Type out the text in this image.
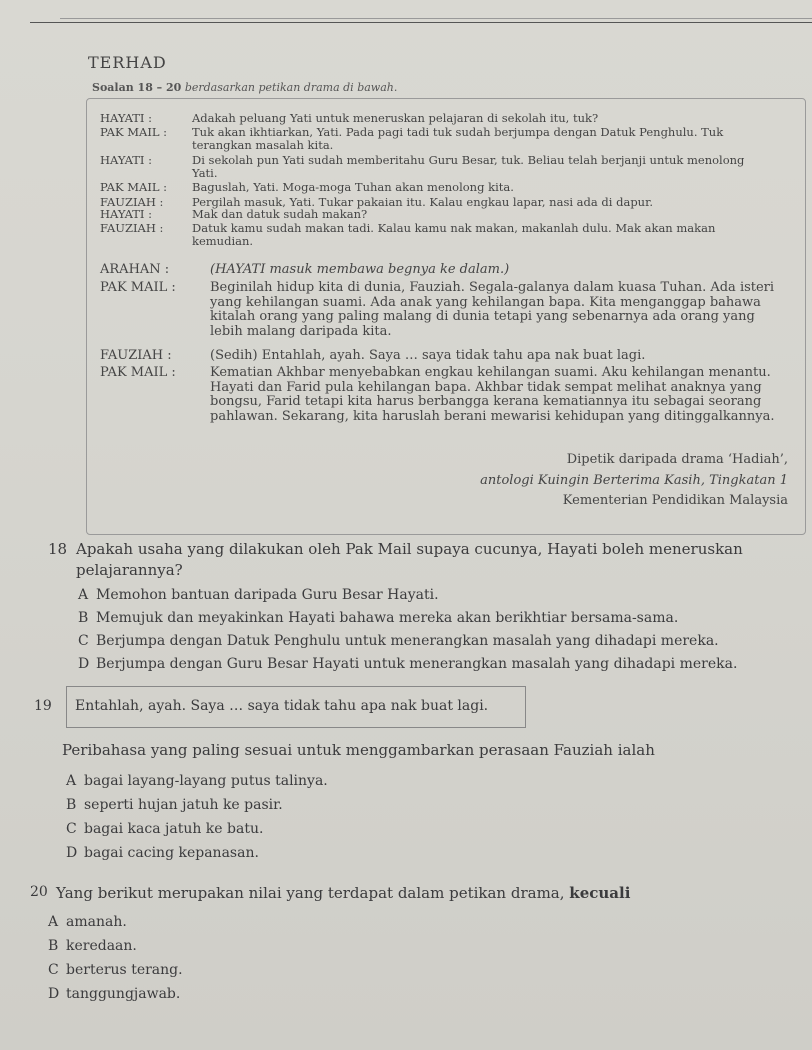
TERHAD
Soalan 18 – 20 berdasarkan petikan drama di bawah.
HAYATI :	Adakah peluang Yati untuk meneruskan pelajaran di sekolah itu, tuk?
PAK MAIL : Tuk akan ikhtiarkan, Yati. Pada pagi tadi tuk sudah berjumpa dengan Datuk Penghulu. Tuk terangkan masalah kita.
HAYATI :	Di sekolah pun Yati sudah memberitahu Guru Besar, tuk. Beliau telah berjanji untuk menolong Yati.
PAK MAIL : Baguslah, Yati. Moga-moga Tuhan akan menolong kita.
FAUZIAH : Pergilah masuk, Yati. Tukar pakaian itu. Kalau engkau lapar, nasi ada di dapur.
HAYATI :	Mak dan datuk sudah makan?
FAUZIAH : Datuk kamu sudah makan tadi. Kalau kamu nak makan, makanlah dulu. Mak akan makan kemudian.
ARAHAN :	(HAYATI masuk membawa begnya ke dalam.)
PAK MAIL :	Beginilah hidup kita di dunia, Fauziah. Segala-galanya dalam kuasa Tuhan. Ada isteri yang kehilangan suami. Ada anak yang kehilangan bapa. Kita menganggap bahawa kitalah orang yang paling malang di dunia tetapi yang sebenarnya ada orang yang lebih malang daripada kita.
FAUZIAH :	(Sedih) Entahlah, ayah. Saya … saya tidak tahu apa nak buat lagi.
PAK MAIL :	Kematian Akhbar menyebabkan engkau kehilangan suami. Aku kehilangan menantu. Hayati dan Farid pula kehilangan bapa. Akhbar tidak sempat melihat anaknya yang bongsu, Farid tetapi kita harus berbangga kerana kematiannya itu sebagai seorang pahlawan. Sekarang, kita haruslah berani mewarisi kehidupan yang ditinggalkannya.
Dipetik daripada drama ‘Hadiah’,
antologi Kuingin Berterima Kasih, Tingkatan 1
Kementerian Pendidikan Malaysia
18 Apakah usaha yang dilakukan oleh Pak Mail supaya cucunya, Hayati boleh meneruskan
pelajarannya?
A Memohon bantuan daripada Guru Besar Hayati.
B Memujuk dan meyakinkan Hayati bahawa mereka akan berikhtiar bersama-sama.
C Berjumpa dengan Datuk Penghulu untuk menerangkan masalah yang dihadapi mereka.
D Berjumpa dengan Guru Besar Hayati untuk menerangkan masalah yang dihadapi mereka.
19 Entahlah, ayah. Saya … saya tidak tahu apa nak buat lagi.
Peribahasa yang paling sesuai untuk menggambarkan perasaan Fauziah ialah
A bagai layang-layang putus talinya.
B seperti hujan jatuh ke pasir.
C bagai kaca jatuh ke batu.
D bagai cacing kepanasan.
20 Yang berikut merupakan nilai yang terdapat dalam petikan drama, kecuali
A amanah.
B keredaan.
C berterus terang.
D tanggungjawab.
